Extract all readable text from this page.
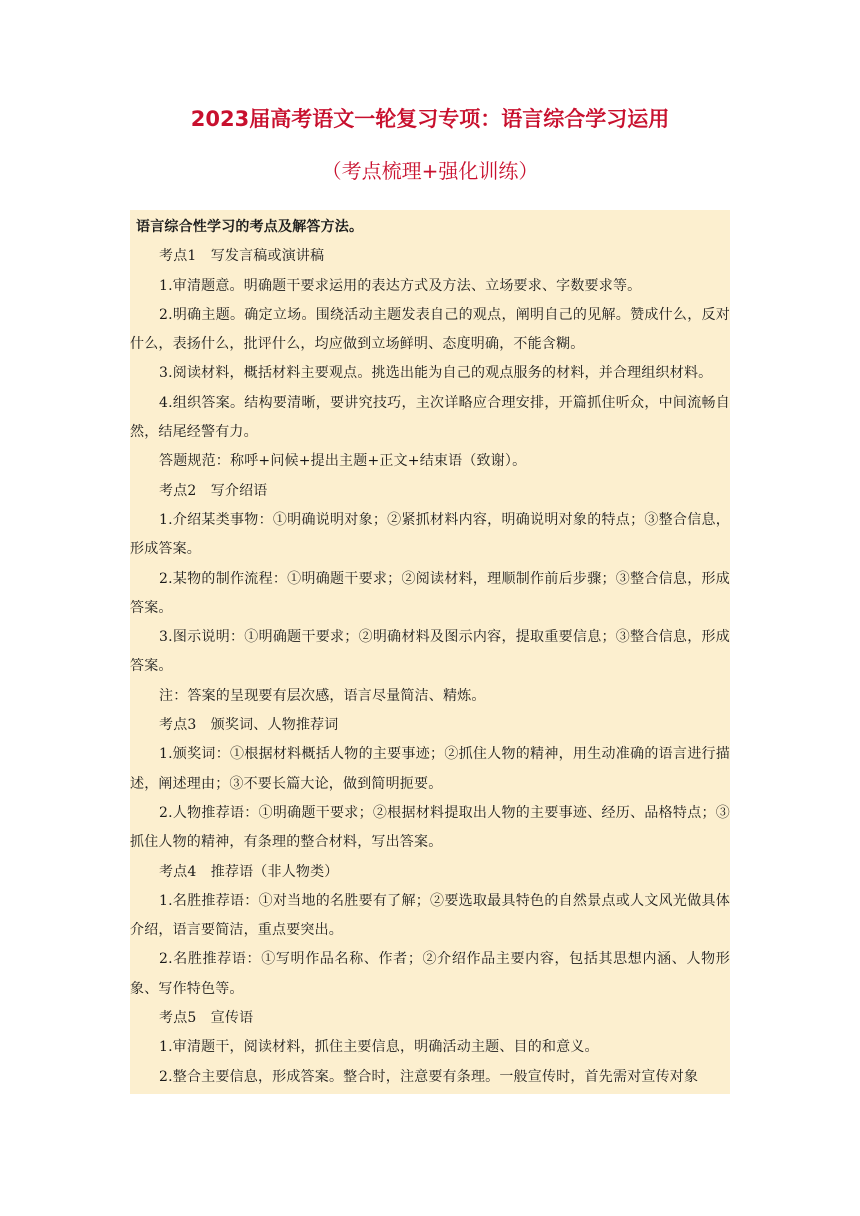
2023届高考语文一轮复习专项：语言综合学习运用
（考点梳理+强化训练）

语言综合性学习的考点及解答方法。

考点1　写发言稿或演讲稿

1.审清题意。明确题干要求运用的表达方式及方法、立场要求、字数要求等。

2.明确主题。确定立场。围绕活动主题发表自己的观点，阐明自己的见解。赞成什么，反对什么，表扬什么，批评什么，均应做到立场鲜明、态度明确，不能含糊。

3.阅读材料，概括材料主要观点。挑选出能为自己的观点服务的材料，并合理组织材料。

4.组织答案。结构要清晰，要讲究技巧，主次详略应合理安排，开篇抓住听众，中间流畅自然，结尾经警有力。

答题规范：称呼+问候+提出主题+正文+结束语（致谢）。

考点2　写介绍语

1.介绍某类事物：①明确说明对象；②紧抓材料内容，明确说明对象的特点；③整合信息，形成答案。

2.某物的制作流程：①明确题干要求；②阅读材料，理顺制作前后步骤；③整合信息，形成答案。

3.图示说明：①明确题干要求；②明确材料及图示内容，提取重要信息；③整合信息，形成答案。

注：答案的呈现要有层次感，语言尽量简洁、精炼。

考点3　颁奖词、人物推荐词

1.颁奖词：①根据材料概括人物的主要事迹；②抓住人物的精神，用生动准确的语言进行描述，阐述理由；③不要长篇大论，做到简明扼要。

2.人物推荐语：①明确题干要求；②根据材料提取出人物的主要事迹、经历、品格特点；③抓住人物的精神，有条理的整合材料，写出答案。

考点4　推荐语（非人物类）

1.名胜推荐语：①对当地的名胜要有了解；②要选取最具特色的自然景点或人文风光做具体介绍，语言要简洁，重点要突出。

2.名胜推荐语：①写明作品名称、作者；②介绍作品主要内容，包括其思想内涵、人物形象、写作特色等。

考点5　宣传语

1.审清题干，阅读材料，抓住主要信息，明确活动主题、目的和意义。

2.整合主要信息，形成答案。整合时，注意要有条理。一般宣传时，首先需对宣传对象
